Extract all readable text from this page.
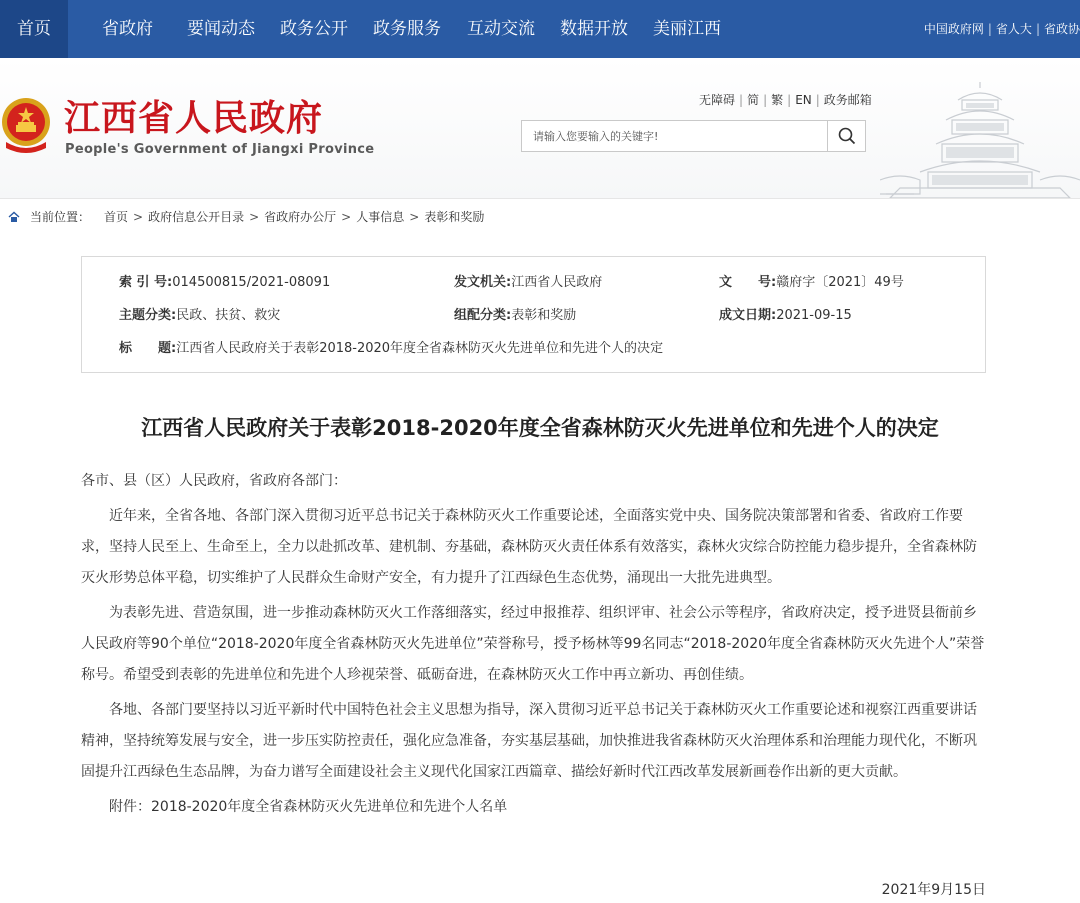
首页	省政府 要闻动态 政务公开 政务服务 互动交流 数据开放 美丽江西	中国政府网 | 省人大 | 省政协
江西省人民政府
People's Government of Jiangxi Province
无障碍 | 简 | 繁 | EN | 政务邮箱
请输入您要输入的关键字!
当前位置： 首页 > 政府信息公开目录 > 省政府办公厅 > 人事信息 > 表彰和奖励
索 引 号:014500815/2021-08091	发文机关:江西省人民政府	文　　号:赣府字〔2021〕49号
主题分类:民政、扶贫、救灾	组配分类:表彰和奖励	成文日期:2021-09-15
标　　题:江西省人民政府关于表彰2018-2020年度全省森林防灭火先进单位和先进个人的决定
江西省人民政府关于表彰2018-2020年度全省森林防灭火先进单位和先进个人的决定

各市、县（区）人民政府，省政府各部门：

近年来，全省各地、各部门深入贯彻习近平总书记关于森林防灭火工作重要论述，全面落实党中央、国务院决策部署和省委、省政府工作要求，坚持人民至上、生命至上，全力以赴抓改革、建机制、夯基础，森林防灭火责任体系有效落实，森林火灾综合防控能力稳步提升，全省森林防灭火形势总体平稳，切实维护了人民群众生命财产安全，有力提升了江西绿色生态优势，涌现出一大批先进典型。

为表彰先进、营造氛围，进一步推动森林防灭火工作落细落实，经过申报推荐、组织评审、社会公示等程序，省政府决定，授予进贤县衙前乡人民政府等90个单位“2018-2020年度全省森林防灭火先进单位”荣誉称号，授予杨林等99名同志“2018-2020年度全省森林防灭火先进个人”荣誉称号。希望受到表彰的先进单位和先进个人珍视荣誉、砥砺奋进，在森林防灭火工作中再立新功、再创佳绩。

各地、各部门要坚持以习近平新时代中国特色社会主义思想为指导，深入贯彻习近平总书记关于森林防灭火工作重要论述和视察江西重要讲话精神，坚持统筹发展与安全，进一步压实防控责任，强化应急准备，夯实基层基础，加快推进我省森林防灭火治理体系和治理能力现代化，不断巩固提升江西绿色生态品牌，为奋力谱写全面建设社会主义现代化国家江西篇章、描绘好新时代江西改革发展新画卷作出新的更大贡献。

附件：2018-2020年度全省森林防灭火先进单位和先进个人名单

2021年9月15日
